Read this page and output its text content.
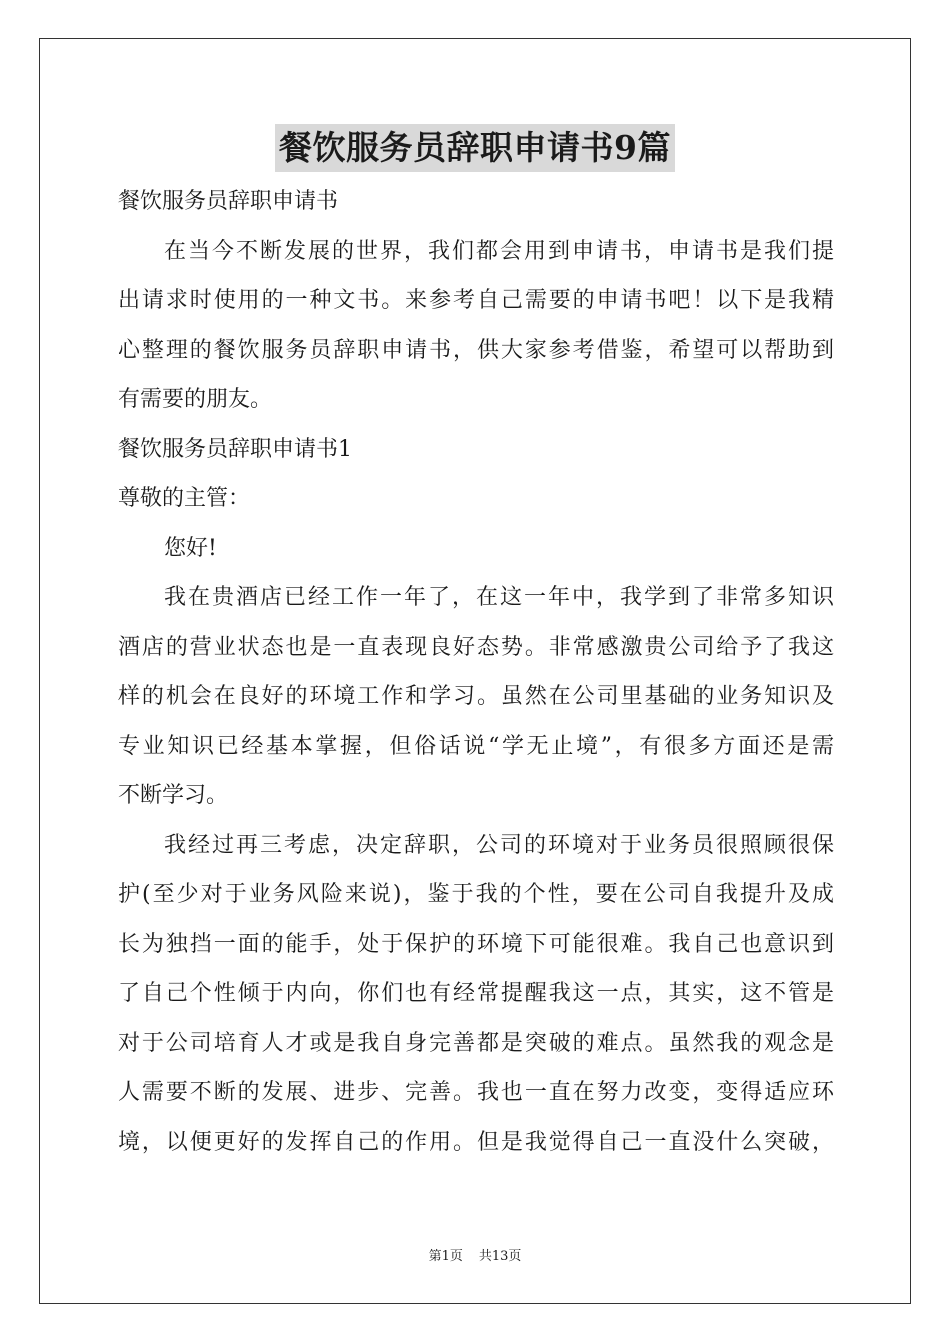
餐饮服务员辞职申请书9篇
餐饮服务员辞职申请书
在当今不断发展的世界，我们都会用到申请书，申请书是我们提
出请求时使用的一种文书。来参考自己需要的申请书吧！以下是我精
心整理的餐饮服务员辞职申请书，供大家参考借鉴，希望可以帮助到
有需要的朋友。
餐饮服务员辞职申请书1
尊敬的主管：
您好!
我在贵酒店已经工作一年了，在这一年中，我学到了非常多知识
酒店的营业状态也是一直表现良好态势。非常感激贵公司给予了我这
样的机会在良好的环境工作和学习。虽然在公司里基础的业务知识及
专业知识已经基本掌握，但俗话说“学无止境”，有很多方面还是需
不断学习。
我经过再三考虑，决定辞职，公司的环境对于业务员很照顾很保
护(至少对于业务风险来说)，鉴于我的个性，要在公司自我提升及成
长为独挡一面的能手，处于保护的环境下可能很难。我自己也意识到
了自己个性倾于内向，你们也有经常提醒我这一点，其实，这不管是
对于公司培育人才或是我自身完善都是突破的难点。虽然我的观念是
人需要不断的发展、进步、完善。我也一直在努力改变，变得适应环
境，以便更好的发挥自己的作用。但是我觉得自己一直没什么突破，
第1页 共13页
